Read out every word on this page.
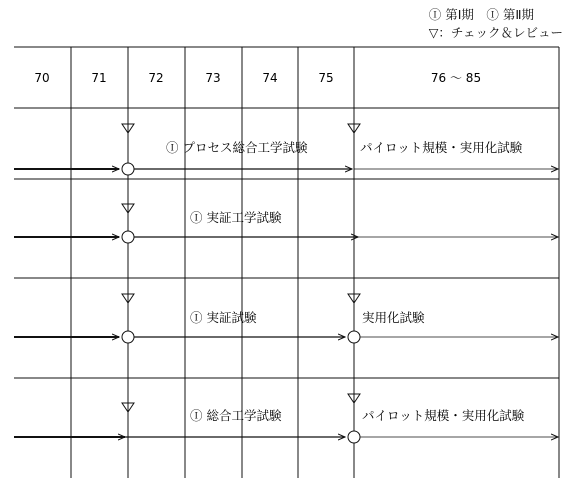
Ⓘ 第Ⅰ期　Ⓘ 第Ⅱ期
▽：チェック＆レビュー
70	71	72	73	74	75	76 ～ 85
Ⓘ プロセス総合工学試験	パイロット規模・実用化試験
Ⓘ 実証工学試験
Ⓘ 実証試験	実用化試験
Ⓘ 総合工学試験	パイロット規模・実用化試験
